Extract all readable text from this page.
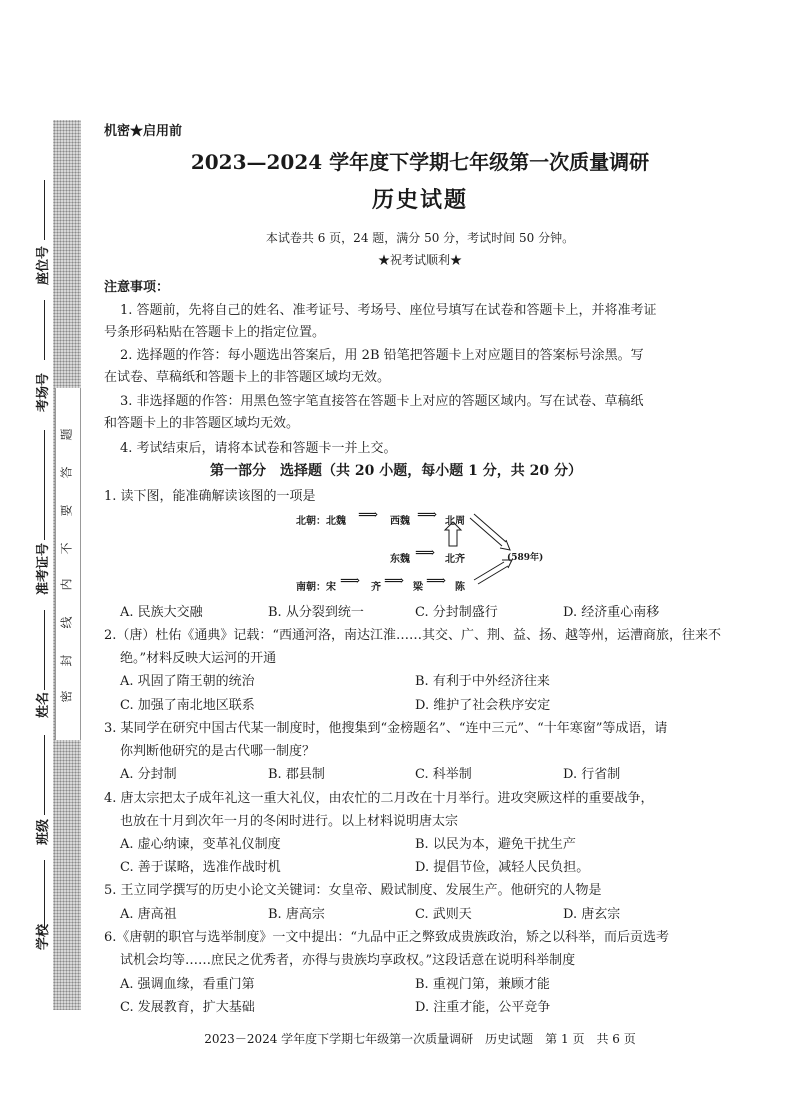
座位号
考场号
准考证号
姓名
班级
学校
密
封
线
内
不
要
答
题
机密★启用前
2023—2024 学年度下学期七年级第一次质量调研
历史试题
本试卷共 6 页，24 题，满分 50 分，考试时间 50 分钟。
★祝考试顺利★
注意事项：
1. 答题前，先将自己的姓名、准考证号、考场号、座位号填写在试卷和答题卡上，并将准考证
号条形码粘贴在答题卡上的指定位置。
2. 选择题的作答：每小题选出答案后，用 2B 铅笔把答题卡上对应题目的答案标号涂黑。写
在试卷、草稿纸和答题卡上的非答题区域均无效。
3. 非选择题的作答：用黑色签字笔直接答在答题卡上对应的答题区域内。写在试卷、草稿纸
和答题卡上的非答题区域均无效。
4. 考试结束后，请将本试卷和答题卡一并上交。
第一部分　选择题（共 20 小题，每小题 1 分，共 20 分）
1. 读下图，能准确解读该图的一项是
北朝：北魏 ⟹ 西魏 ⟹ 北周
东魏 ⟹ 北齐
南朝：宋 ⟹ 齐 ⟹ 梁 ⟹ 陈
(589年)
A. 民族大交融	B. 从分裂到统一	C. 分封制盛行	D. 经济重心南移
2.（唐）杜佑《通典》记载：“西通河洛，南达江淮……其交、广、荆、益、扬、越等州，运漕商旅，往来不
绝。”材料反映大运河的开通
A. 巩固了隋王朝的统治	B. 有利于中外经济往来
C. 加强了南北地区联系	D. 维护了社会秩序安定
3. 某同学在研究中国古代某一制度时，他搜集到“金榜题名”、“连中三元”、“十年寒窗”等成语，请
你判断他研究的是古代哪一制度？
A. 分封制	B. 郡县制	C. 科举制	D. 行省制
4. 唐太宗把太子成年礼这一重大礼仪，由农忙的二月改在十月举行。进攻突厥这样的重要战争，
也放在十月到次年一月的冬闲时进行。以上材料说明唐太宗
A. 虚心纳谏，变革礼仪制度	B. 以民为本，避免干扰生产
C. 善于谋略，选准作战时机	D. 提倡节俭，减轻人民负担。
5. 王立同学撰写的历史小论文关键词：女皇帝、殿试制度、发展生产。他研究的人物是
A. 唐高祖	B. 唐高宗	C. 武则天	D. 唐玄宗
6.《唐朝的职官与选举制度》一文中提出：“九品中正之弊致成贵族政治，矫之以科举，而后贡选考
试机会均等……庶民之优秀者，亦得与贵族均享政权。”这段话意在说明科举制度
A. 强调血缘，看重门第	B. 重视门第，兼顾才能
C. 发展教育，扩大基础	D. 注重才能，公平竞争
2023－2024 学年度下学期七年级第一次质量调研　历史试题　第 1 页　共 6 页
